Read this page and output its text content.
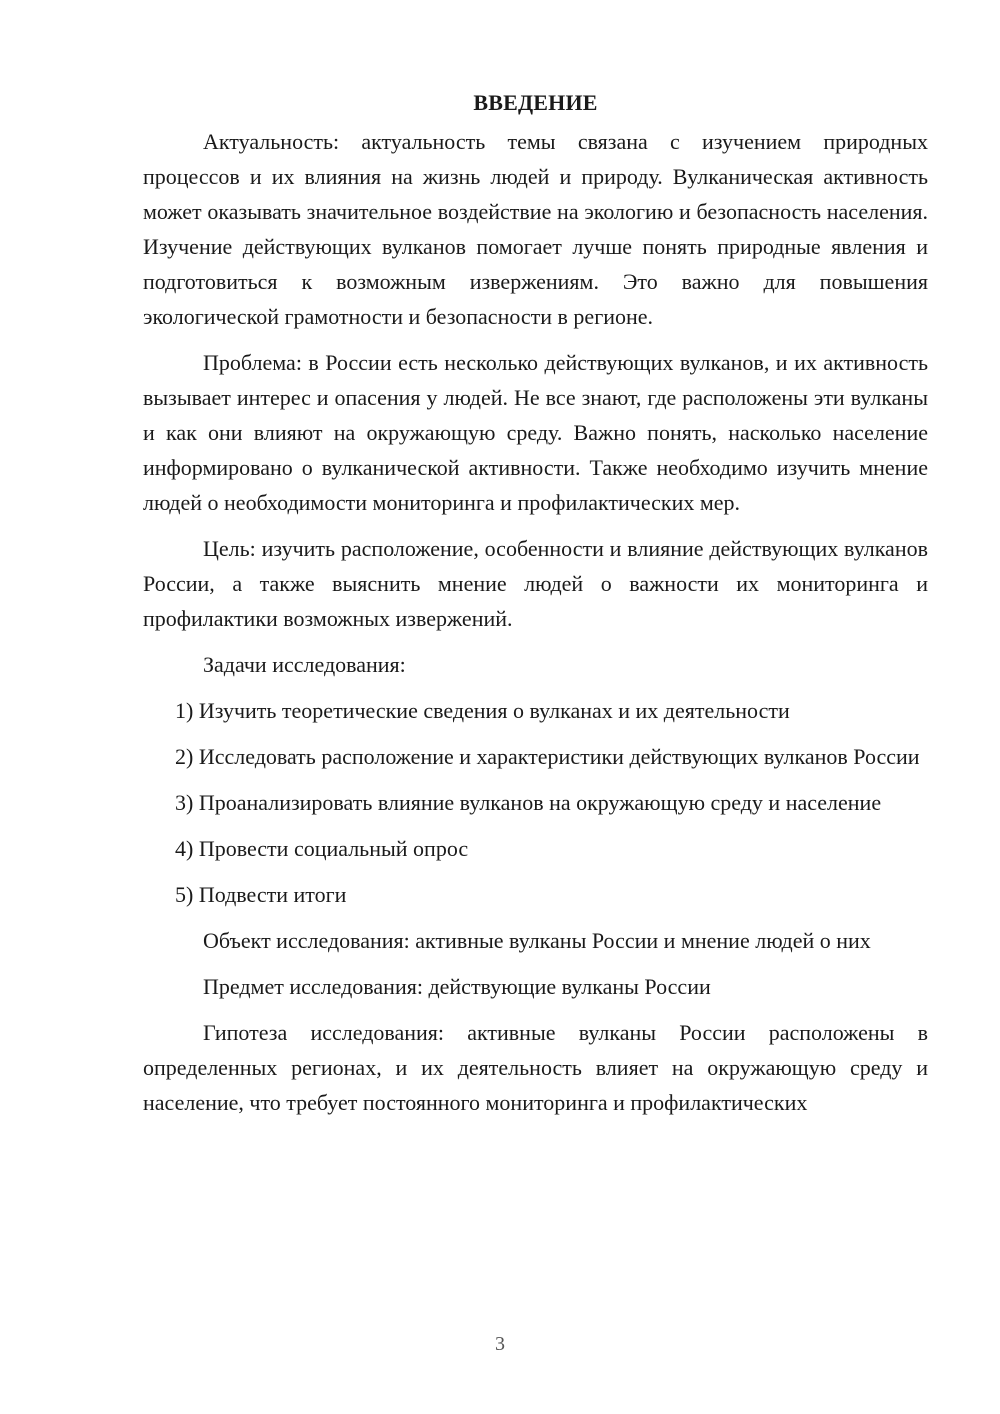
ВВЕДЕНИЕ

Актуальность: актуальность темы связана с изучением природных процессов и их влияния на жизнь людей и природу. Вулканическая активность может оказывать значительное воздействие на экологию и безопасность населения. Изучение действующих вулканов помогает лучше понять природные явления и подготовиться к возможным извержениям. Это важно для повышения экологической грамотности и безопасности в регионе.

Проблема: в России есть несколько действующих вулканов, и их активность вызывает интерес и опасения у людей. Не все знают, где расположены эти вулканы и как они влияют на окружающую среду. Важно понять, насколько население информировано о вулканической активности. Также необходимо изучить мнение людей о необходимости мониторинга и профилактических мер.

Цель: изучить расположение, особенности и влияние действующих вулканов России, а также выяснить мнение людей о важности их мониторинга и профилактики возможных извержений.

Задачи исследования:

1) Изучить теоретические сведения о вулканах и их деятельности

2) Исследовать расположение и характеристики действующих вулканов России

3) Проанализировать влияние вулканов на окружающую среду и население

4) Провести социальный опрос

5) Подвести итоги

Объект исследования: активные вулканы России и мнение людей о них

Предмет исследования: действующие вулканы России

Гипотеза исследования: активные вулканы России расположены в определенных регионах, и их деятельность влияет на окружающую среду и население, что требует постоянного мониторинга и профилактических

3
